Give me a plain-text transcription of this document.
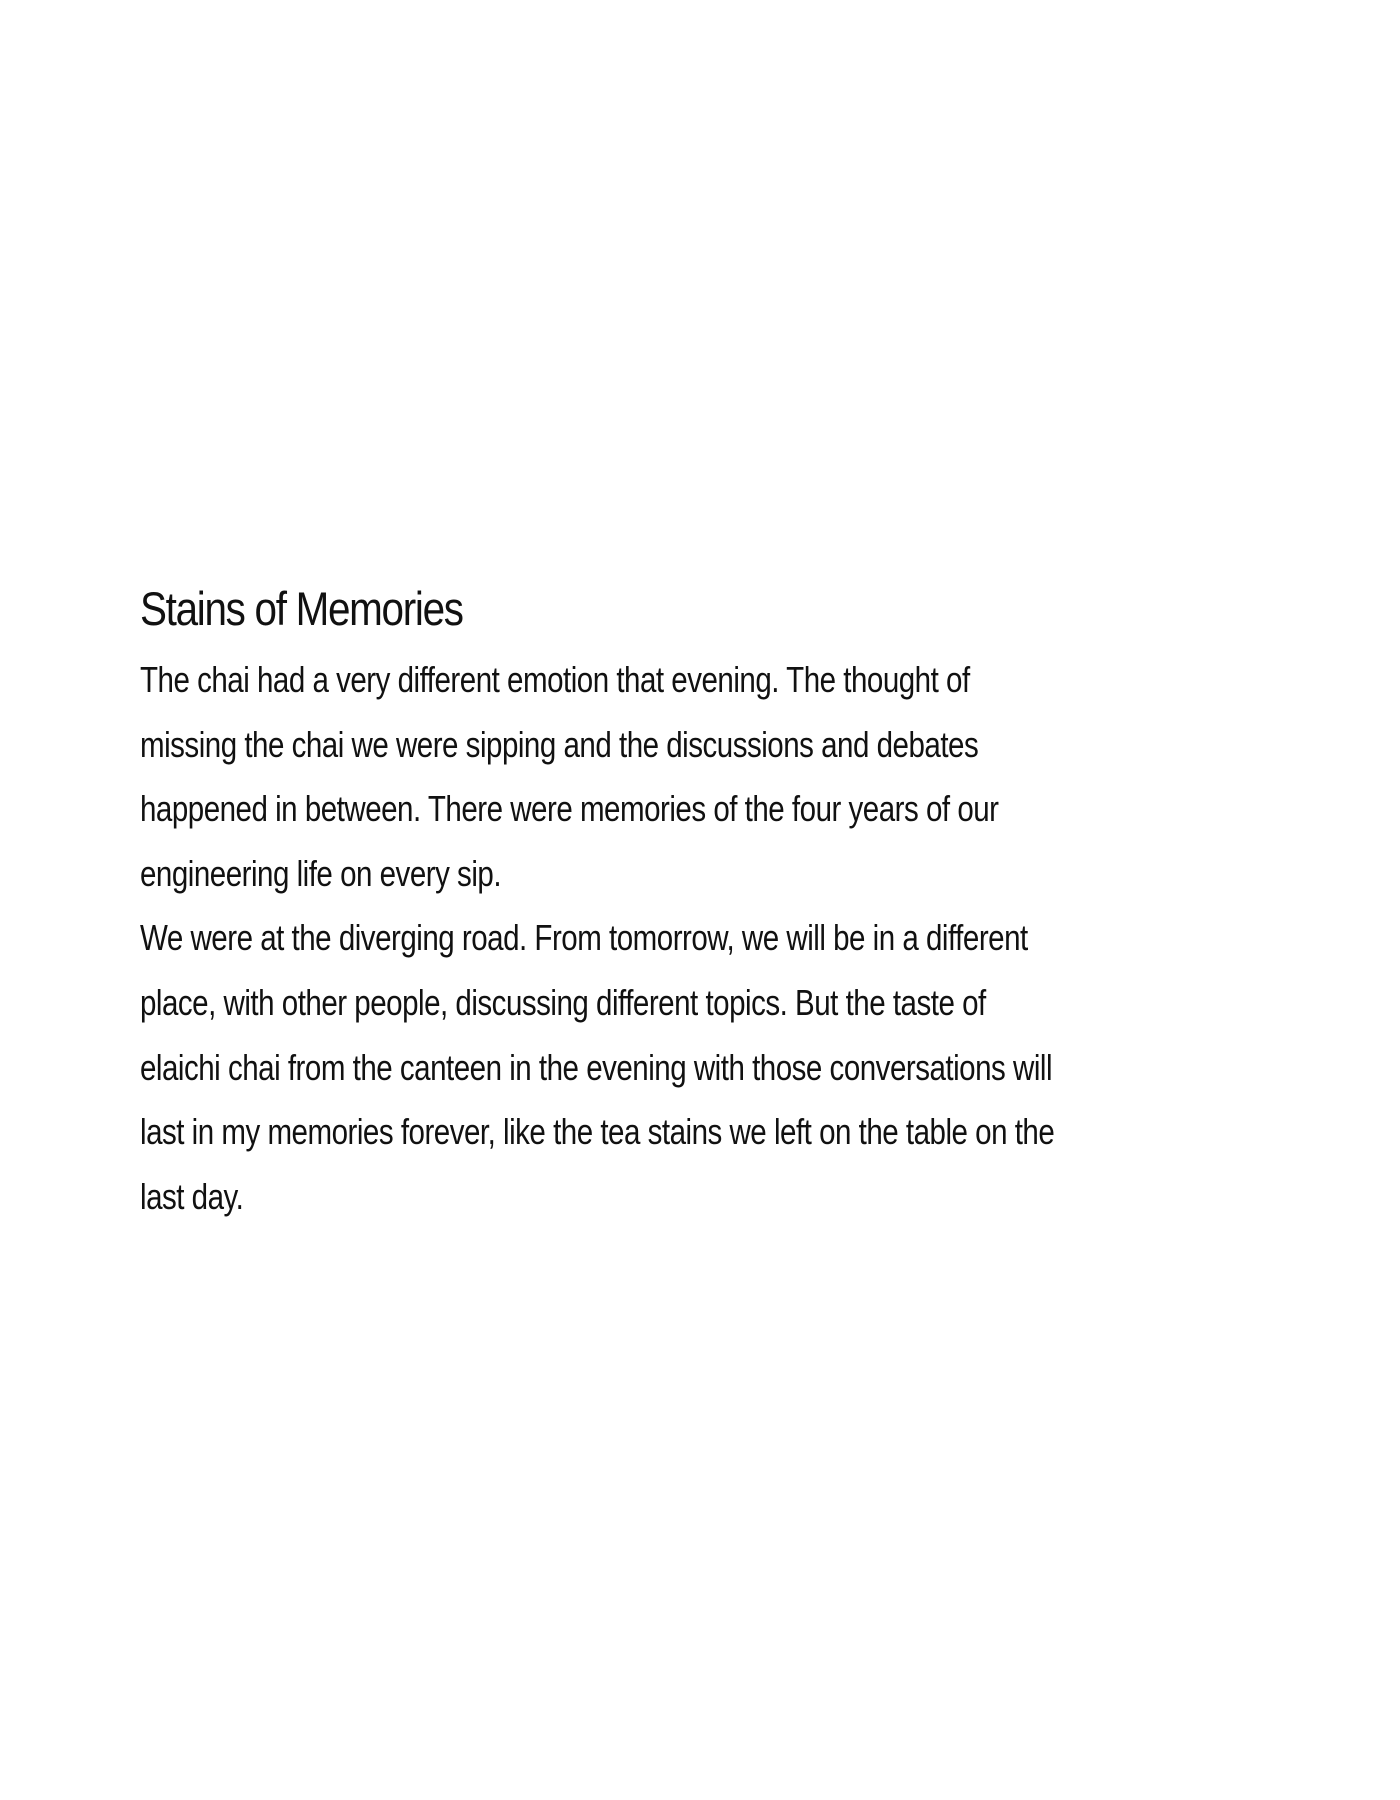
Stains of Memories
The chai had a very different emotion that evening. The thought of
missing the chai we were sipping and the discussions and debates
happened in between. There were memories of the four years of our
engineering life on every sip.
We were at the diverging road. From tomorrow, we will be in a different
place, with other people, discussing different topics. But the taste of
elaichi chai from the canteen in the evening with those conversations will
last in my memories forever, like the tea stains we left on the table on the
last day.
